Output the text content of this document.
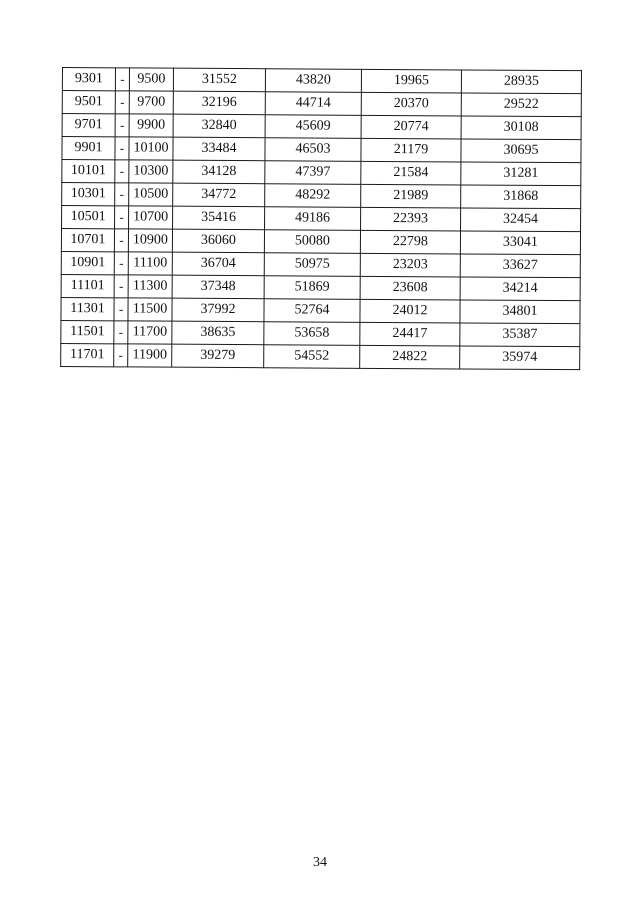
9301	-	9500	31552	43820	19965	28935
9501	-	9700	32196	44714	20370	29522
9701	-	9900	32840	45609	20774	30108
9901	-	10100	33484	46503	21179	30695
10101	-	10300	34128	47397	21584	31281
10301	-	10500	34772	48292	21989	31868
10501	-	10700	35416	49186	22393	32454
10701	-	10900	36060	50080	22798	33041
10901	-	11100	36704	50975	23203	33627
11101	-	11300	37348	51869	23608	34214
11301	-	11500	37992	52764	24012	34801
11501	-	11700	38635	53658	24417	35387
11701	-	11900	39279	54552	24822	35974
34
